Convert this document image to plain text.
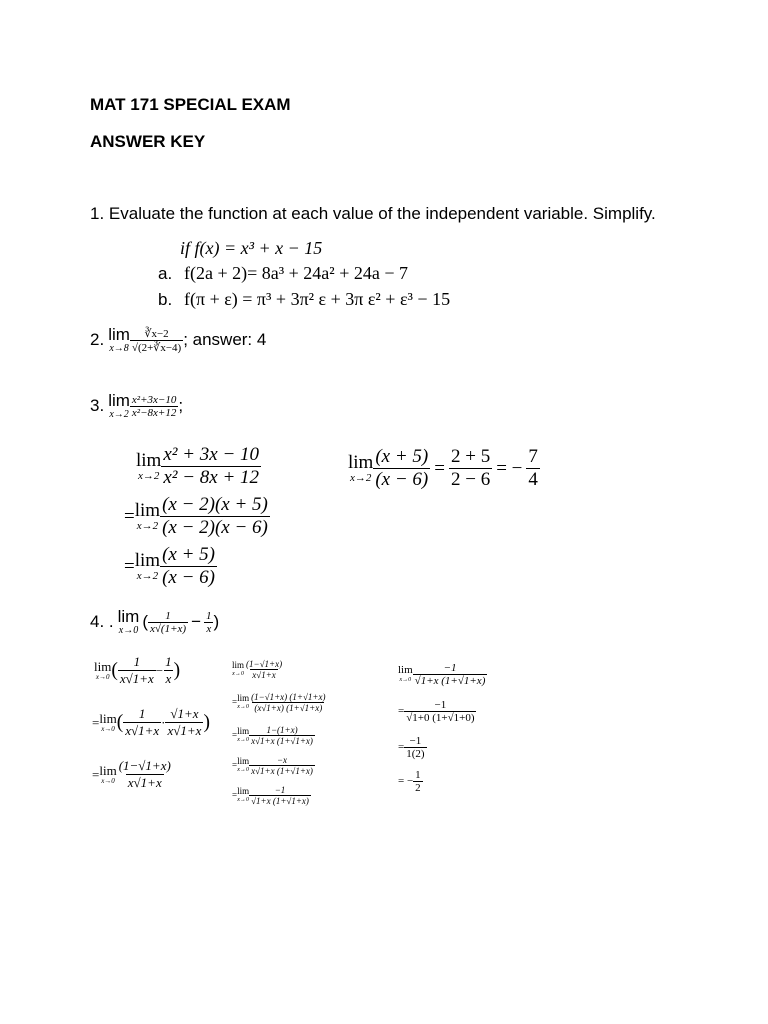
MAT 171 SPECIAL EXAM
ANSWER KEY
1. Evaluate the function at each value of the independent variable. Simplify.
if f(x) = x³ + x − 15
a. f(2a + 2)= 8a³ + 24a² + 24a − 7
b. f(π + ε) = π³ + 3π² ε + 3π ε² + ε³ − 15
2. lim
$x\to 8 \frac{∛x-2}{√(2+∛x-4)}$ ; answer: 4
3. lim
$x\to 2 \frac{\text{x²+3x−10}}{\text{x²−8x+12}}$ ;
lim
$x\to 2 \frac{\text{x² + 3x − 10}}{\text{x² − 8x + 12}}$
= lim
$x\to 2 \frac{(x - 2)(x + 5)}{(x - 2)(x - 6)}$
= lim
$x\to 2 \frac{(x + 5)}{(x - 6)}$
lim
$x\to 2 \frac{(x + 5)}{(x - 6)} = \frac{2 + 5}{2 - 6}$ = − $\frac{7}{4}$
4. . lim
x→0 ( $\frac{1}{x√(1+x)} - \frac{1}{x}$ )
lim
x→0 ( $\frac{1}{x√1+x} - \frac{1}{x}$ )
= lim
x→0 ( $\frac{1}{x√1+x} \cdot \frac{√1+x}{x√1+x}$ )
= lim
$x\to 0 \frac{(1-√1+x)}{x√1+x}$
lim
$x\to 0 \frac{(1-√1+x)}{x√1+x}$
= lim
$x\to 0 \frac{(1-√1+x) (1+√1+x)}{(x√1+x) (1+√1+x)}$
= lim
$x\to 0 \frac{1-(1+x)}{x√1+x (1+√1+x)}$
= lim
$x\to 0 \frac{-x}{x√1+x (1+√1+x)}$
= lim
$x\to 0 \frac{-1}{√1+x (1+√1+x)}$
lim
$x\to 0 \frac{-1}{√1+x (1+√1+x)}$
= $\frac{-1}{√1+0 (1+√1+0)}$
= $\frac{-1}{1(2)}$
= − $\frac{1}{2}$
